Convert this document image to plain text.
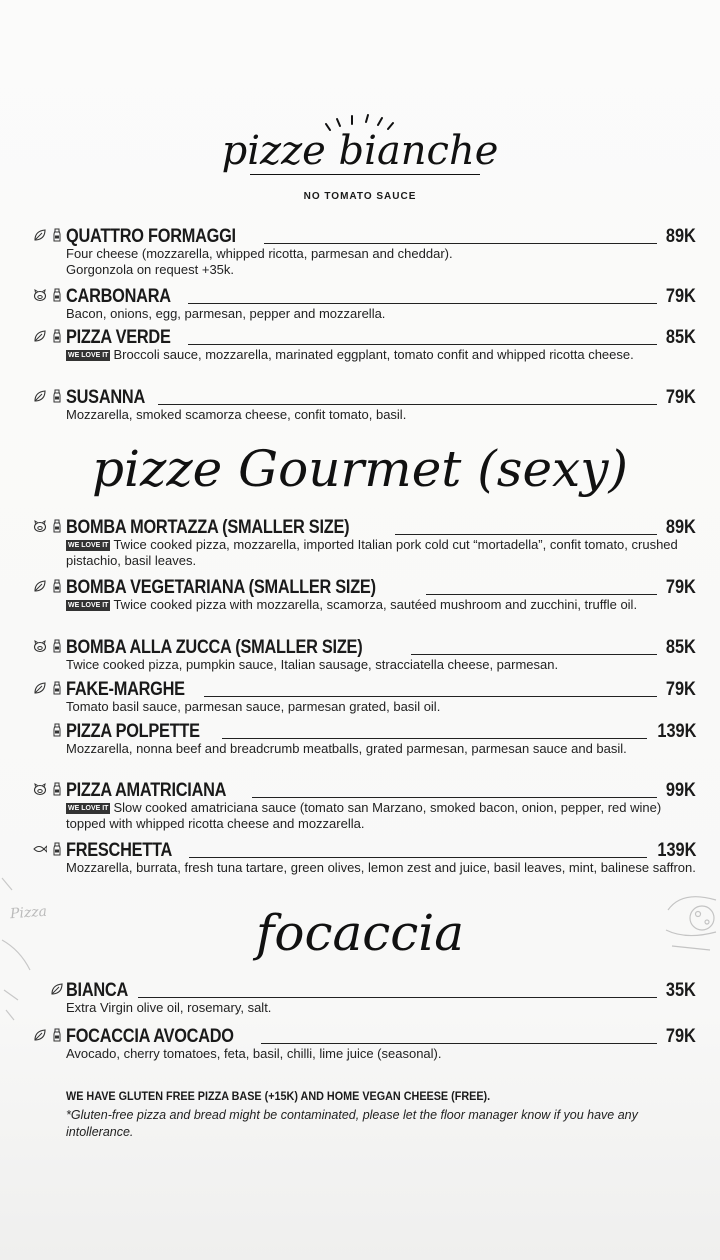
pizze bianche
NO TOMATO SAUCE
pizze Gourmet (sexy)
focaccia
QUATTRO FORMAGGI	89K
Four cheese (mozzarella, whipped ricotta, parmesan and cheddar).
Gorgonzola on request +35k.
CARBONARA	79K
Bacon, onions, egg, parmesan, pepper and mozzarella.
PIZZA VERDE	85K
WE LOVE IT Broccoli sauce, mozzarella, marinated eggplant, tomato confit and whipped ricotta cheese.
SUSANNA	79K
Mozzarella, smoked scamorza cheese, confit tomato, basil.
BOMBA MORTAZZA (SMALLER SIZE)	89K
WE LOVE IT Twice cooked pizza, mozzarella, imported Italian pork cold cut “mortadella”, confit tomato, crushed pistachio, basil leaves.
BOMBA VEGETARIANA (SMALLER SIZE)	79K
WE LOVE IT Twice cooked pizza with mozzarella, scamorza, sautéed mushroom and zucchini, truffle oil.
BOMBA ALLA ZUCCA (SMALLER SIZE)	85K
Twice cooked pizza, pumpkin sauce, Italian sausage, stracciatella cheese, parmesan.
FAKE-MARGHE	79K
Tomato basil sauce, parmesan sauce, parmesan grated, basil oil.
PIZZA POLPETTE	139K
Mozzarella, nonna beef and breadcrumb meatballs, grated parmesan, parmesan sauce and basil.
PIZZA AMATRICIANA	99K
WE LOVE IT Slow cooked amatriciana sauce (tomato san Marzano, smoked bacon, onion, pepper, red wine) topped with whipped ricotta cheese and mozzarella.
FRESCHETTA	139K
Mozzarella, burrata, fresh tuna tartare, green olives, lemon zest and juice, basil leaves, mint, balinese saffron.
BIANCA	35K
Extra Virgin olive oil, rosemary, salt.
FOCACCIA AVOCADO	79K
Avocado, cherry tomatoes, feta, basil, chilli, lime juice (seasonal).
WE HAVE GLUTEN FREE PIZZA BASE (+15K) AND HOME VEGAN CHEESE (FREE).
*Gluten-free pizza and bread might be contaminated, please let the floor manager know if you have any intollerance.
Pizza
